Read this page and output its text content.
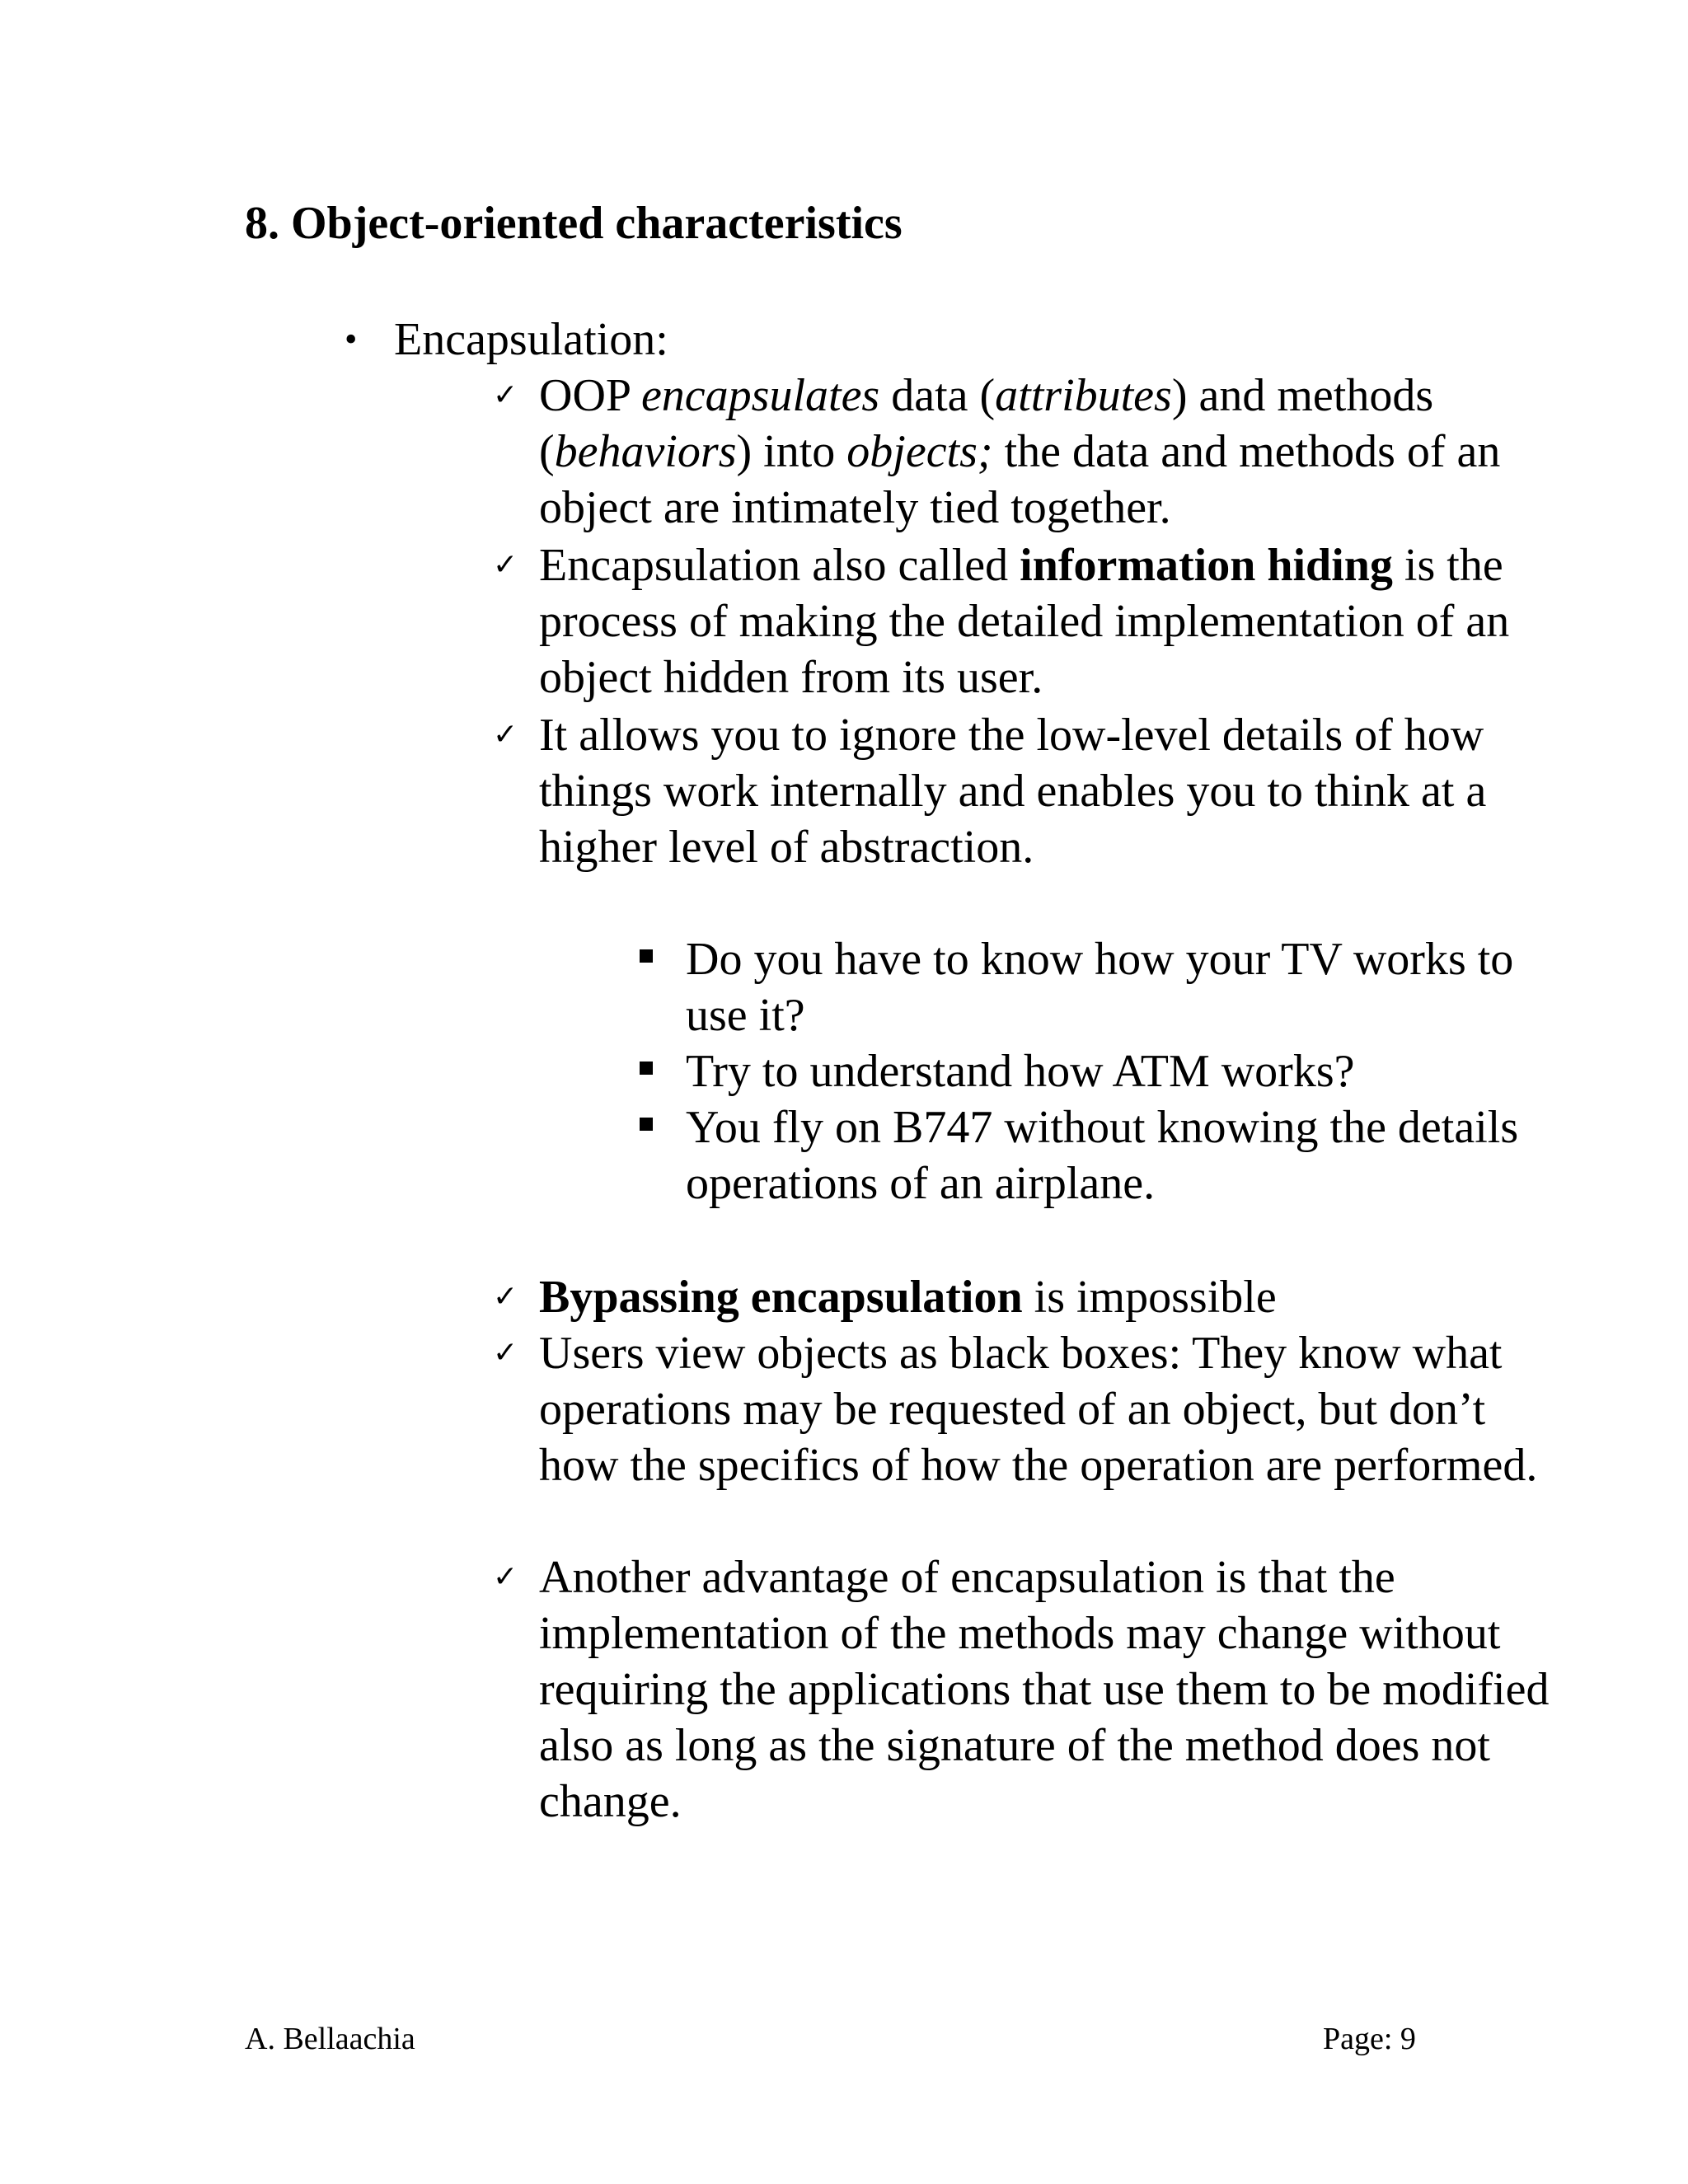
8. Object-oriented characteristics
• Encapsulation:
✓ OOP encapsulates data (attributes) and methods
(behaviors) into objects; the data and methods of an
object are intimately tied together.
✓ Encapsulation also called information hiding is the
process of making the detailed implementation of an
object hidden from its user.
✓ It allows you to ignore the low-level details of how
things work internally and enables you to think at a
higher level of abstraction.
Do you have to know how your TV works to
use it?
Try to understand how ATM works?
You fly on B747 without knowing the details
operations of an airplane.
✓ Bypassing encapsulation is impossible
✓ Users view objects as black boxes: They know what
operations may be requested of an object, but don’t
how the specifics of how the operation are performed.
✓ Another advantage of encapsulation is that the
implementation of the methods may change without
requiring the applications that use them to be modified
also as long as the signature of the method does not
change.
A. Bellaachia	Page: 9
